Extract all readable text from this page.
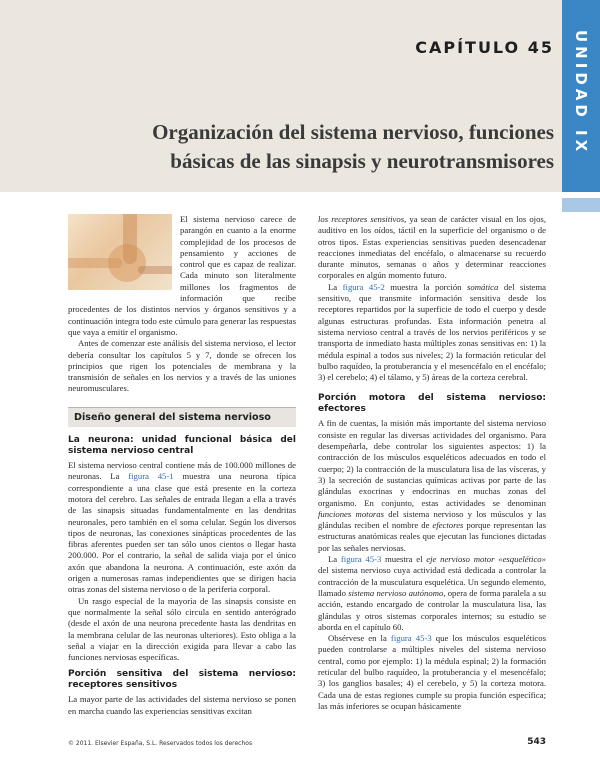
UNIDAD IX
CAPÍTULO 45
Organización del sistema nervioso, funciones
básicas de las sinapsis y neurotransmisores

El sistema nervioso carece de parangón en cuanto a la enorme complejidad de los procesos de pensamiento y acciones de control que es capaz de realizar. Cada minuto son literalmente millones los fragmentos de información que recibe procedentes de los distintos nervios y órganos sensitivos y a continuación integra todo este cúmulo para generar las respuestas que vaya a emitir el organismo.

Antes de comenzar este análisis del sistema nervioso, el lector debería consultar los capítulos 5 y 7, donde se ofrecen los principios que rigen los potenciales de membrana y la transmisión de señales en los nervios y a través de las uniones neuromusculares.

Diseño general del sistema nervioso
La neurona: unidad funcional básica del sistema nervioso central

El sistema nervioso central contiene más de 100.000 millones de neuronas. La figura 45-1 muestra una neurona típica correspondiente a una clase que está presente en la corteza motora del cerebro. Las señales de entrada llegan a ella a través de las sinapsis situadas fundamentalmente en las dendritas neuronales, pero también en el soma celular. Según los diversos tipos de neuronas, las conexiones sinápticas procedentes de las fibras aferentes pueden ser tan sólo unos cientos o llegar hasta 200.000. Por el contrario, la señal de salida viaja por el único axón que abandona la neurona. A continuación, este axón da origen a numerosas ramas independientes que se dirigen hacia otras zonas del sistema nervioso o de la periferia corporal.

Un rasgo especial de la mayoría de las sinapsis consiste en que normalmente la señal sólo circula en sentido anterógrado (desde el axón de una neurona precedente hasta las dendritas en la membrana celular de las neuronas ulteriores). Esto obliga a la señal a viajar en la dirección exigida para llevar a cabo las funciones nerviosas específicas.

Porción sensitiva del sistema nervioso: receptores sensitivos

La mayor parte de las actividades del sistema nervioso se ponen en marcha cuando las experiencias sensitivas excitan

los receptores sensitivos, ya sean de carácter visual en los ojos, auditivo en los oídos, táctil en la superficie del organismo o de otros tipos. Estas experiencias sensitivas pueden desencadenar reacciones inmediatas del encéfalo, o almacenarse su recuerdo durante minutos, semanas o años y determinar reacciones corporales en algún momento futuro.

La figura 45-2 muestra la porción somática del sistema sensitivo, que transmite información sensitiva desde los receptores repartidos por la superficie de todo el cuerpo y desde algunas estructuras profundas. Esta información penetra al sistema nervioso central a través de los nervios periféricos y se transporta de inmediato hasta múltiples zonas sensitivas en: 1) la médula espinal a todos sus niveles; 2) la formación reticular del bulbo raquídeo, la protuberancia y el mesencéfalo en el encéfalo; 3) el cerebelo; 4) el tálamo, y 5) áreas de la corteza cerebral.

Porción motora del sistema nervioso: efectores

A fin de cuentas, la misión más importante del sistema nervioso consiste en regular las diversas actividades del organismo. Para desempeñarla, debe controlar los siguientes aspectos: 1) la contracción de los músculos esqueléticos adecuados en todo el cuerpo; 2) la contracción de la musculatura lisa de las vísceras, y 3) la secreción de sustancias químicas activas por parte de las glándulas exocrinas y endocrinas en muchas zonas del organismo. En conjunto, estas actividades se denominan funciones motoras del sistema nervioso y los músculos y las glándulas reciben el nombre de efectores porque representan las estructuras anatómicas reales que ejecutan las funciones dictadas por las señales nerviosas.

La figura 45-3 muestra el eje nervioso motor «esquelético» del sistema nervioso cuya actividad está dedicada a controlar la contracción de la musculatura esquelética. Un segundo elemento, llamado sistema nervioso autónomo, opera de forma paralela a su acción, estando encargado de controlar la musculatura lisa, las glándulas y otros sistemas corporales internos; su estudio se aborda en el capítulo 60.

Obsérvese en la figura 45-3 que los músculos esqueléticos pueden controlarse a múltiples niveles del sistema nervioso central, como por ejemplo: 1) la médula espinal; 2) la formación reticular del bulbo raquídeo, la protuberancia y el mesencéfalo; 3) los ganglios basales; 4) el cerebelo, y 5) la corteza motora. Cada una de estas regiones cumple su propia función específica; las más inferiores se ocupan básicamente

© 2011. Elsevier España, S.L. Reservados todos los derechos	543
